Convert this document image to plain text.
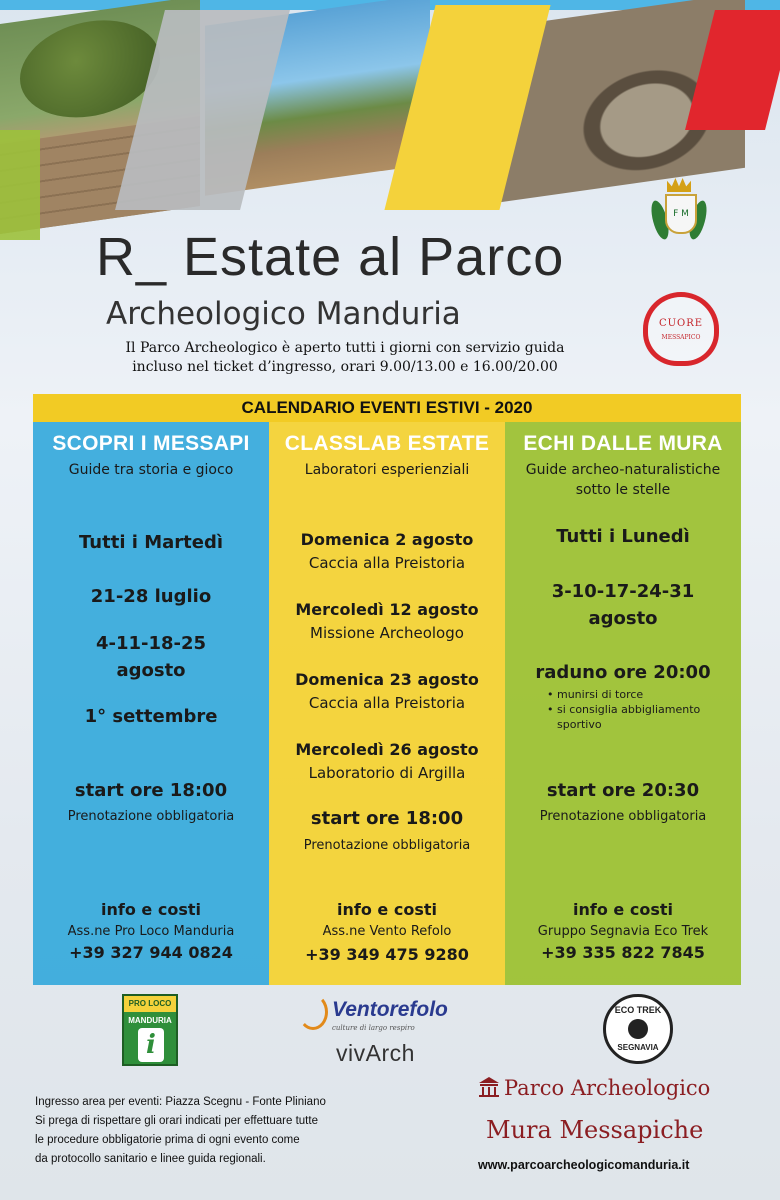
F M
CUORE
MESSAPICO
R_ Estate al Parco
Archeologico Manduria
Il Parco Archeologico è aperto tutti i giorni con servizio guida incluso nel ticket d’ingresso, orari 9.00/13.00 e 16.00/20.00
CALENDARIO EVENTI ESTIVI - 2020
SCOPRI I MESSAPI
Guide tra storia e gioco
Tutti i Martedì
21-28 luglio
4-11-18-25
agosto
1° settembre
start ore 18:00
Prenotazione obbligatoria
info e costi
Ass.ne Pro Loco Manduria
+39 327 944 0824
CLASSLAB ESTATE
Laboratori esperienziali
Domenica 2 agosto
Caccia alla Preistoria
Mercoledì 12 agosto
Missione Archeologo
Domenica 23 agosto
Caccia alla Preistoria
Mercoledì 26 agosto
Laboratorio di Argilla
start ore 18:00
Prenotazione obbligatoria
info e costi
Ass.ne Vento Refolo
+39 349 475 9280
ECHI DALLE MURA
Guide archeo-naturalistiche
sotto le stelle
Tutti i Lunedì
3-10-17-24-31
agosto
raduno ore 20:00
• munirsi di torce
• si consiglia abbigliamento sportivo
start ore 20:30
Prenotazione obbligatoria
info e costi
Gruppo Segnavia Eco Trek
+39 335 822 7845
PRO LOCO
MANDURIA
i
Ventorefolo
culture di largo respiro
vivArch
ECO TREK
SEGNAVIA
Ingresso area per eventi: Piazza Scegnu - Fonte Pliniano
Si prega di rispettare gli orari indicati per effettuare tutte
le procedure obbligatorie prima di ogni evento come
da protocollo sanitario e linee guida regionali.
Parco Archeologico
Mura Messapiche
www.parcoarcheologicomanduria.it
